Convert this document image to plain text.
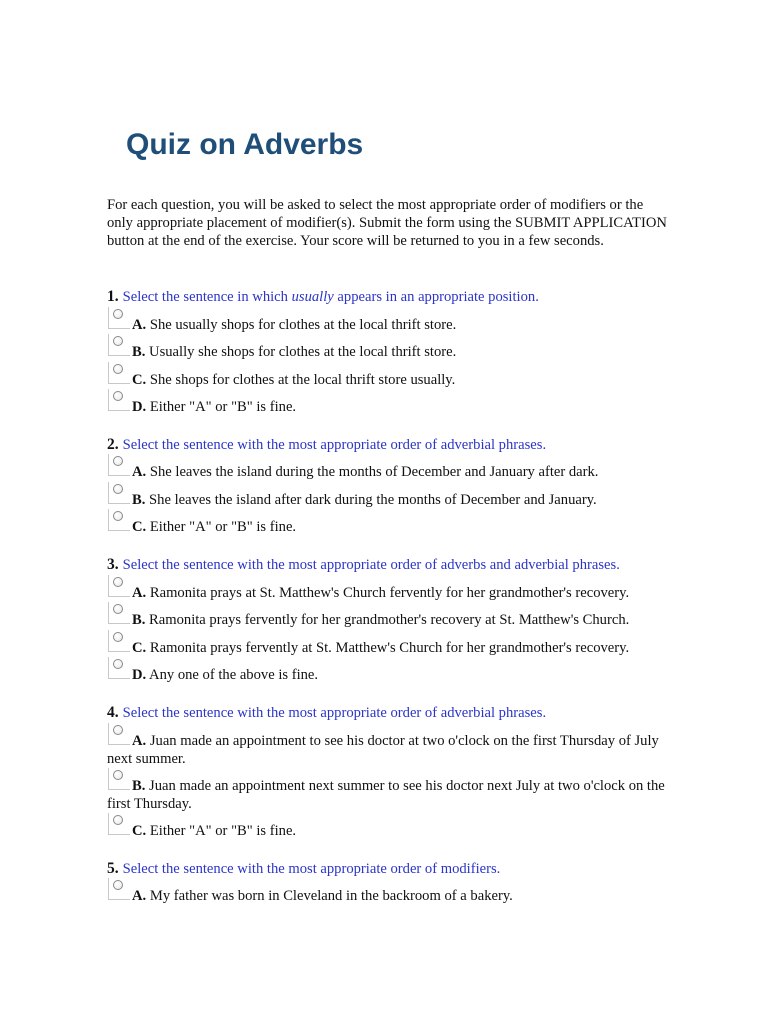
Quiz on Adverbs

For each question, you will be asked to select the most appropriate order of modifiers or the only appropriate placement of modifier(s). Submit the form using the SUBMIT APPLICATION button at the end of the exercise. Your score will be returned to you in a few seconds.

1. Select the sentence in which usually appears in an appropriate position.
A. She usually shops for clothes at the local thrift store.
B. Usually she shops for clothes at the local thrift store.
C. She shops for clothes at the local thrift store usually.
D. Either "A" or "B" is fine.
2. Select the sentence with the most appropriate order of adverbial phrases.
A. She leaves the island during the months of December and January after dark.
B. She leaves the island after dark during the months of December and January.
C. Either "A" or "B" is fine.
3. Select the sentence with the most appropriate order of adverbs and adverbial phrases.
A. Ramonita prays at St. Matthew's Church fervently for her grandmother's recovery.
B. Ramonita prays fervently for her grandmother's recovery at St. Matthew's Church.
C. Ramonita prays fervently at St. Matthew's Church for her grandmother's recovery.
D. Any one of the above is fine.
4. Select the sentence with the most appropriate order of adverbial phrases.
A. Juan made an appointment to see his doctor at two o'clock on the first Thursday of July next summer.
B. Juan made an appointment next summer to see his doctor next July at two o'clock on the first Thursday.
C. Either "A" or "B" is fine.
5. Select the sentence with the most appropriate order of modifiers.
A. My father was born in Cleveland in the backroom of a bakery.
